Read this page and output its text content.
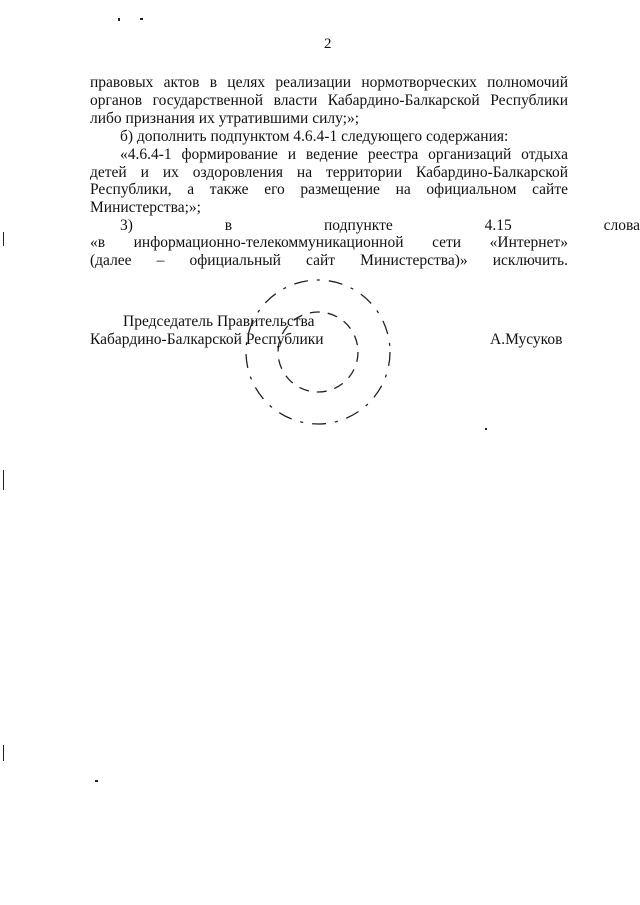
2
правовых актов в целях реализации нормотворческих полномочий
органов государственной власти Кабардино-Балкарской Республики
либо признания их утратившими силу;»;
б) дополнить подпунктом 4.6.4-1 следующего содержания:
«4.6.4-1 формирование и ведение реестра организаций отдыха
детей и их оздоровления на территории Кабардино-Балкарской
Республики, а также его размещение на официальном сайте
Министерства;»;
3) в подпункте 4.15 слова
«в информационно-телекоммуникационной сети «Интернет»
(далее – официальный сайт Министерства)» исключить.
Председатель Правительства
Кабардино-Балкарской Республики	А.Мусуков
